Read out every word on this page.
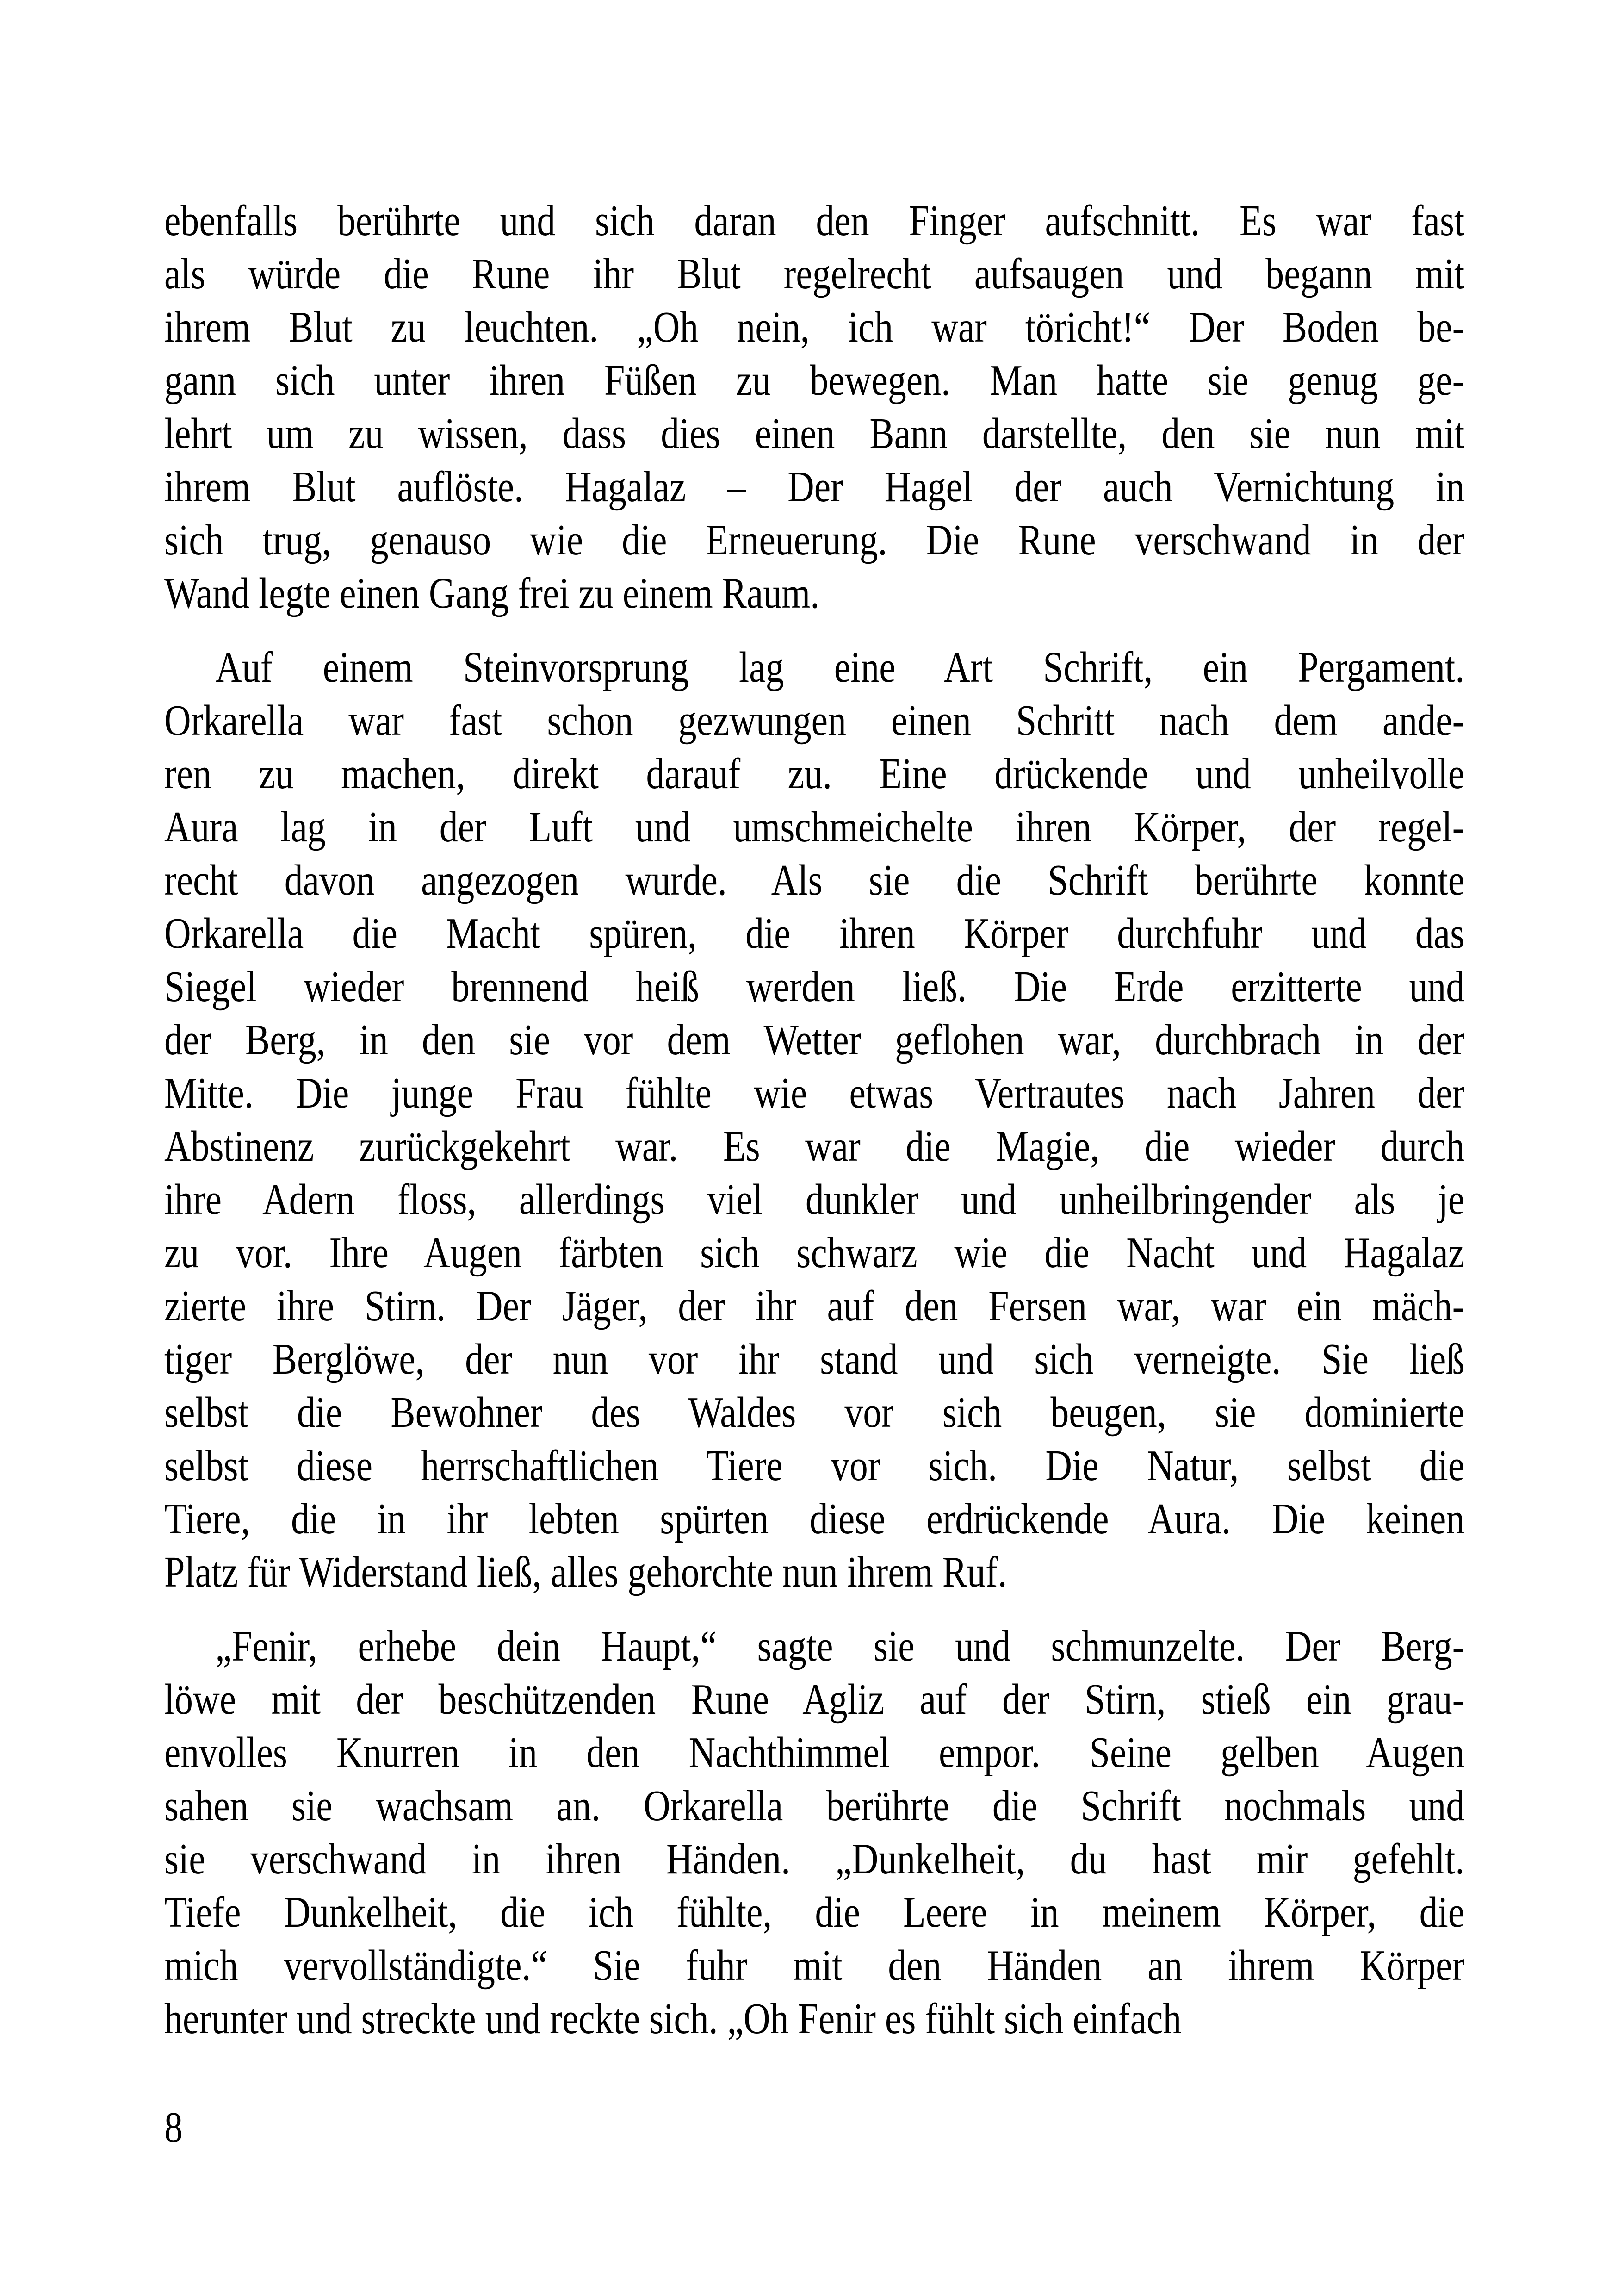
ebenfalls berührte und sich daran den Finger aufschnitt. Es war fast
als würde die Rune ihr Blut regelrecht aufsaugen und begann mit
ihrem Blut zu leuchten. „Oh nein, ich war töricht!“ Der Boden be-
gann sich unter ihren Füßen zu bewegen. Man hatte sie genug ge-
lehrt um zu wissen, dass dies einen Bann darstellte, den sie nun mit
ihrem Blut auflöste. Hagalaz – Der Hagel der auch Vernichtung in
sich trug, genauso wie die Erneuerung. Die Rune verschwand in der
Wand legte einen Gang frei zu einem Raum.

Auf einem Steinvorsprung lag eine Art Schrift, ein Pergament.
Orkarella war fast schon gezwungen einen Schritt nach dem ande-
ren zu machen, direkt darauf zu. Eine drückende und unheilvolle
Aura lag in der Luft und umschmeichelte ihren Körper, der regel-
recht davon angezogen wurde. Als sie die Schrift berührte konnte
Orkarella die Macht spüren, die ihren Körper durchfuhr und das
Siegel wieder brennend heiß werden ließ. Die Erde erzitterte und
der Berg, in den sie vor dem Wetter geflohen war, durchbrach in der
Mitte. Die junge Frau fühlte wie etwas Vertrautes nach Jahren der
Abstinenz zurückgekehrt war. Es war die Magie, die wieder durch
ihre Adern floss, allerdings viel dunkler und unheilbringender als je
zu vor. Ihre Augen färbten sich schwarz wie die Nacht und Hagalaz
zierte ihre Stirn. Der Jäger, der ihr auf den Fersen war, war ein mäch-
tiger Berglöwe, der nun vor ihr stand und sich verneigte. Sie ließ
selbst die Bewohner des Waldes vor sich beugen, sie dominierte
selbst diese herrschaftlichen Tiere vor sich. Die Natur, selbst die
Tiere, die in ihr lebten spürten diese erdrückende Aura. Die keinen
Platz für Widerstand ließ, alles gehorchte nun ihrem Ruf.

„Fenir, erhebe dein Haupt,“ sagte sie und schmunzelte. Der Berg-
löwe mit der beschützenden Rune Agliz auf der Stirn, stieß ein grau-
envolles Knurren in den Nachthimmel empor. Seine gelben Augen
sahen sie wachsam an. Orkarella berührte die Schrift nochmals und
sie verschwand in ihren Händen. „Dunkelheit, du hast mir gefehlt.
Tiefe Dunkelheit, die ich fühlte, die Leere in meinem Körper, die
mich vervollständigte.“ Sie fuhr mit den Händen an ihrem Körper
herunter und streckte und reckte sich. „Oh Fenir es fühlt sich einfach

8
